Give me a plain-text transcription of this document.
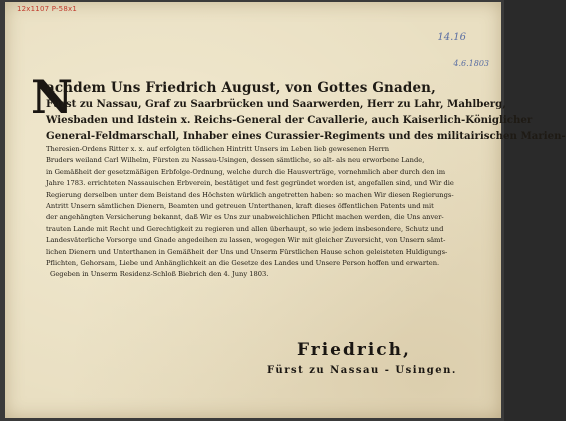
12x1107 P-58x1
14.16
4.6.1803
N
achdem Uns Friedrich August, von Gottes Gnaden,
Fürst zu Nassau, Graf zu Saarbrücken und Saarwerden, Herr zu Lahr, Mahlberg,
Wiesbaden und Idstein x. Reichs-General der Cavallerie, auch Kaiserlich-Königlicher
General-Feldmarschall, Inhaber eines Curassier-Regiments und des militairischen Marien-
Theresien-Ordens Ritter x. x. auf erfolgten tödlichen Hintritt Unsers im Leben lieb gewesenen Herrn
Bruders weiland Carl Wilhelm, Fürsten zu Nassau-Usingen, dessen sämtliche, so alt- als neu erworbene Lande,
in Gemäßheit der gesetzmäßigen Erbfolge-Ordnung, welche durch die Hausverträge, vornehmlich aber durch den im
Jahre 1783. errichteten Nassauischen Erbverein, bestätiget und fest gegründet worden ist, angefallen sind, und Wir die
Regierung derselben unter dem Beistand des Höchsten würklich angetretten haben: so machen Wir diesen Regierungs-
Antritt Unsern sämtlichen Dienern, Beamten und getreuen Unterthanen, kraft dieses öffentlichen Patents und mit
der angehängten Versicherung bekannt, daß Wir es Uns zur unabweichlichen Pflicht machen werden, die Uns anver-
trauten Lande mit Recht und Gerechtigkeit zu regieren und allen überhaupt, so wie jedem insbesondere, Schutz und
Landesväterliche Vorsorge und Gnade angedeihen zu lassen, wogegen Wir mit gleicher Zuversicht, von Unsern sämt-
lichen Dienern und Unterthanen in Gemäßheit der Uns und Unserm Fürstlichen Hause schon geleisteten Huldigungs-
Pflichten, Gehorsam, Liebe und Anhänglichkeit an die Gesetze des Landes und Unsere Person hoffen und erwarten.
Gegeben in Unserm Residenz-Schloß Biebrich den 4. Juny 1803.
Friedrich,
Fürst zu Nassau - Usingen.
